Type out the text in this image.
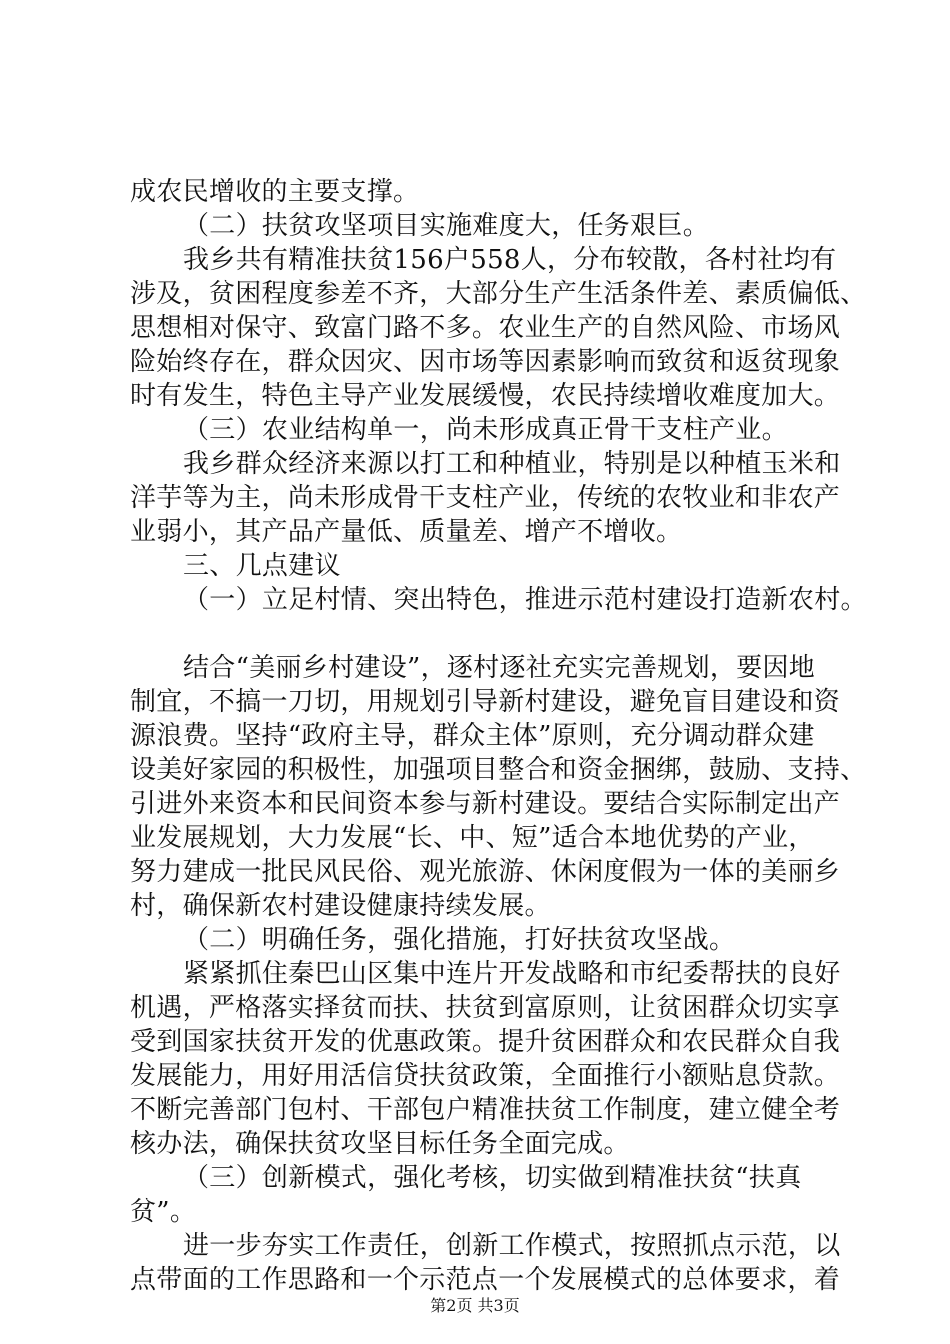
成农民增收的主要支撑。
（二）扶贫攻坚项目实施难度大，任务艰巨。
我乡共有精准扶贫156户558人，分布较散，各村社均有
涉及，贫困程度参差不齐，大部分生产生活条件差、素质偏低、
思想相对保守、致富门路不多。农业生产的自然风险、市场风
险始终存在，群众因灾、因市场等因素影响而致贫和返贫现象
时有发生，特色主导产业发展缓慢，农民持续增收难度加大。
（三）农业结构单一，尚未形成真正骨干支柱产业。
我乡群众经济来源以打工和种植业，特别是以种植玉米和
洋芋等为主，尚未形成骨干支柱产业，传统的农牧业和非农产
业弱小，其产品产量低、质量差、增产不增收。
三、几点建议
（一）立足村情、突出特色，推进示范村建设打造新农村。
结合“美丽乡村建设”，逐村逐社充实完善规划，要因地
制宜，不搞一刀切，用规划引导新村建设，避免盲目建设和资
源浪费。坚持“政府主导，群众主体”原则，充分调动群众建
设美好家园的积极性，加强项目整合和资金捆绑，鼓励、支持、
引进外来资本和民间资本参与新村建设。要结合实际制定出产
业发展规划，大力发展“长、中、短”适合本地优势的产业，
努力建成一批民风民俗、观光旅游、休闲度假为一体的美丽乡
村，确保新农村建设健康持续发展。
（二）明确任务，强化措施，打好扶贫攻坚战。
紧紧抓住秦巴山区集中连片开发战略和市纪委帮扶的良好
机遇，严格落实择贫而扶、扶贫到富原则，让贫困群众切实享
受到国家扶贫开发的优惠政策。提升贫困群众和农民群众自我
发展能力，用好用活信贷扶贫政策，全面推行小额贴息贷款。
不断完善部门包村、干部包户精准扶贫工作制度，建立健全考
核办法，确保扶贫攻坚目标任务全面完成。
（三）创新模式，强化考核，切实做到精准扶贫“扶真
贫”。
进一步夯实工作责任，创新工作模式，按照抓点示范，以
点带面的工作思路和一个示范点一个发展模式的总体要求，着
第2页 共3页
